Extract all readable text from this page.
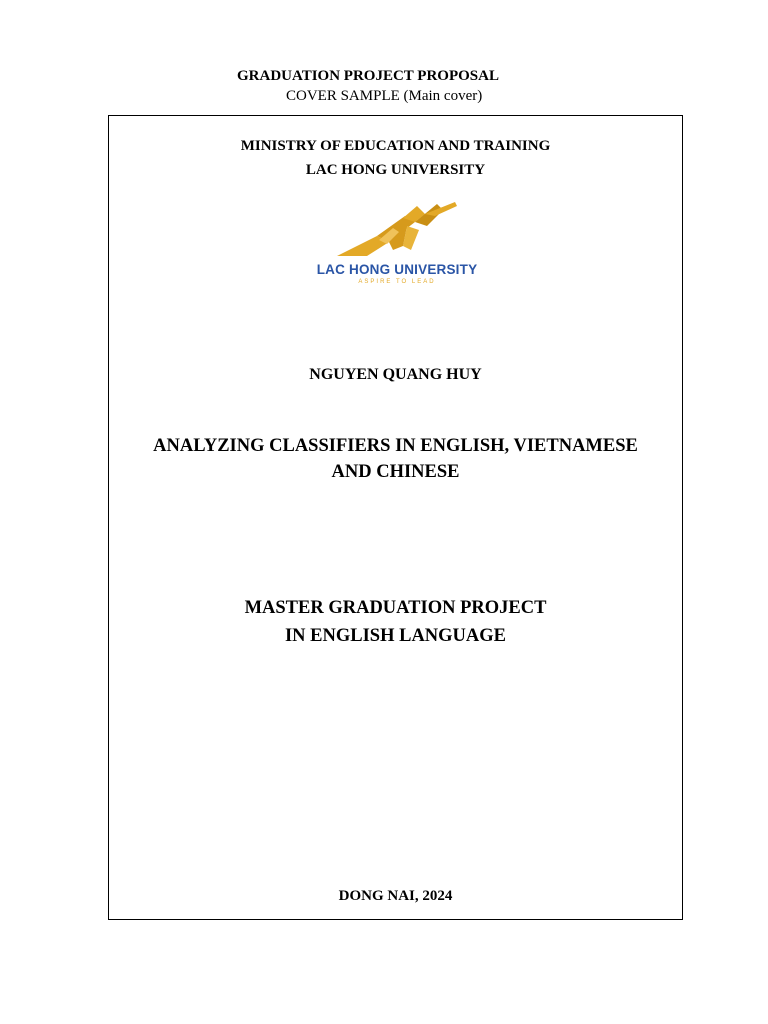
GRADUATION PROJECT PROPOSAL
COVER SAMPLE (Main cover)
MINISTRY OF EDUCATION AND TRAINING
LAC HONG UNIVERSITY
LAC HONG UNIVERSITY
ASPIRE TO LEAD
NGUYEN QUANG HUY
ANALYZING CLASSIFIERS IN ENGLISH, VIETNAMESE
AND CHINESE
MASTER GRADUATION PROJECT
IN ENGLISH LANGUAGE
DONG NAI, 2024
